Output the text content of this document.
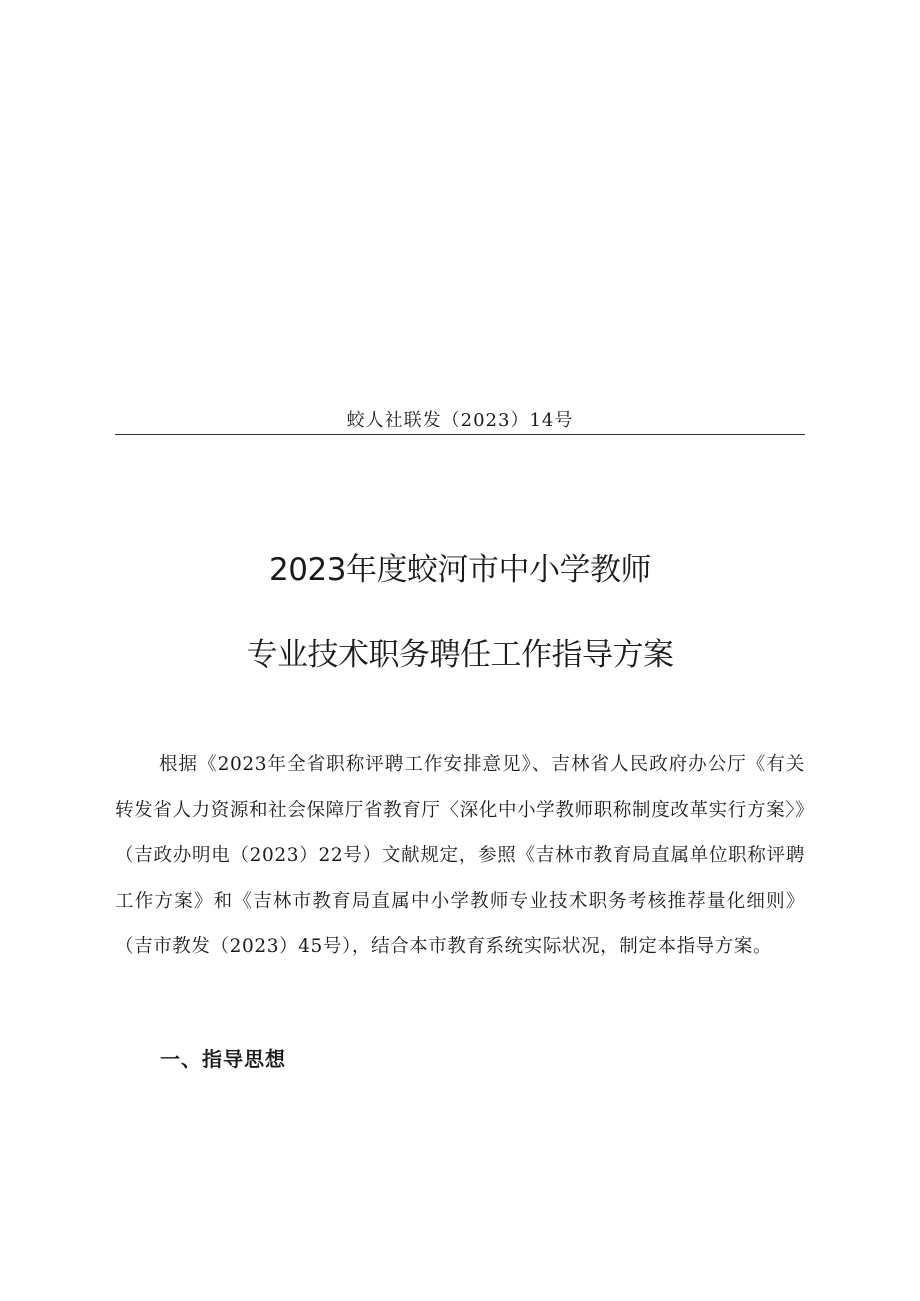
蛟人社联发（2023）14号
2023年度蛟河市中小学教师
专业技术职务聘任工作指导方案

根据《2023年全省职称评聘工作安排意见》、吉林省人民政府办公厅《有关转发省人力资源和社会保障厅省教育厅〈深化中小学教师职称制度改革实行方案〉》（吉政办明电（2023）22号）文献规定，参照《吉林市教育局直属单位职称评聘工作方案》和《吉林市教育局直属中小学教师专业技术职务考核推荐量化细则》（吉市教发（2023）45号），结合本市教育系统实际状况，制定本指导方案。

一、指导思想
